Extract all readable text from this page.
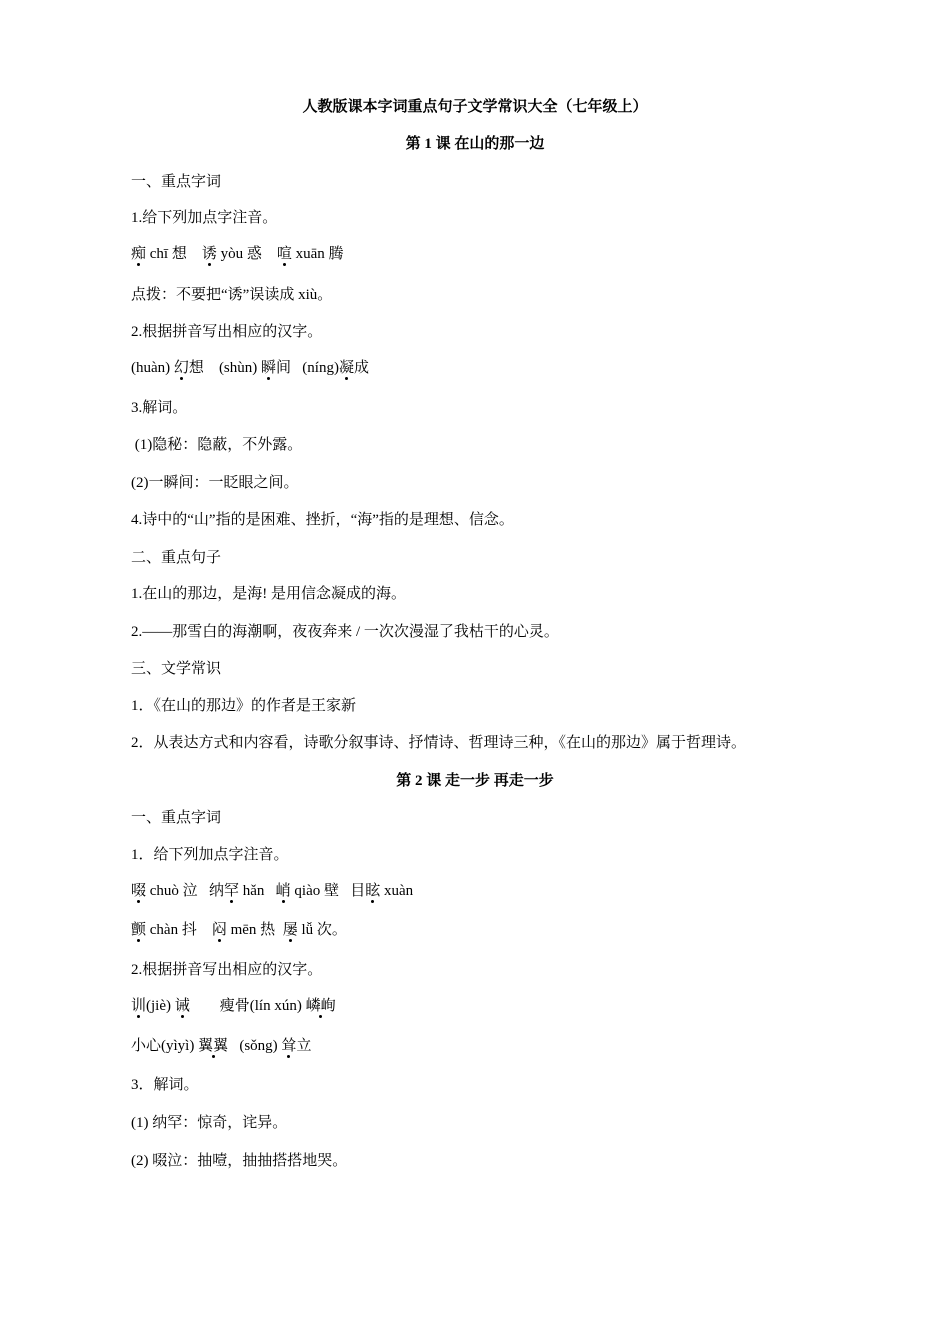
人教版课本字词重点句子文学常识大全（七年级上）
第 1 课 在山的那一边
一、重点字词
1.给下列加点字注音。
痴 chī 想 诱 yòu 惑 喧 xuān 腾
点拨：不要把“诱”误读成 xiù。
2.根据拼音写出相应的汉字。
(huàn) 幻想 (shùn) 瞬间 (níng)凝成
3.解词。
(1)隐秘：隐蔽，不外露。
(2)一瞬间：一眨眼之间。
4.诗中的“山”指的是困难、挫折，“海”指的是理想、信念。
二、重点句子
1.在山的那边，是海! 是用信念凝成的海。
2.——那雪白的海潮啊，夜夜奔来 / 一次次漫湿了我枯干的心灵。
三、文学常识
1．《在山的那边》的作者是王家新
2．从表达方式和内容看，诗歌分叙事诗、抒情诗、哲理诗三种，《在山的那边》属于哲理诗。
第 2 课 走一步 再走一步
一、重点字词
1．给下列加点字注音。
啜 chuò 泣 纳罕 hǎn 峭 qiào 壁 目眩 xuàn
颤 chàn 抖 闷 mēn 热 屡 lǚ 次。
2.根据拼音写出相应的汉字。
训(jiè) 诫 瘦骨(lín xún) 嶙峋
小心(yìyì) 翼翼 (sǒng) 耸立
3．解词。
(1) 纳罕：惊奇，诧异。
(2) 啜泣：抽噎，抽抽搭搭地哭。
